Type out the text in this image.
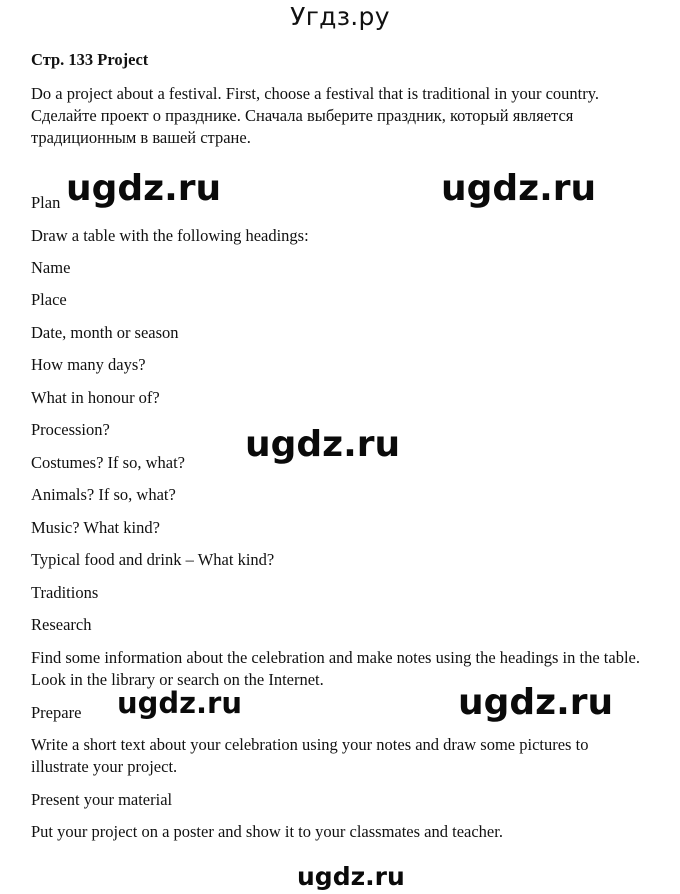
Угдз.ру
Стр. 133 Project

Do a project about a festival. First, choose a festival that is traditional in your country. Сделайте проект о празднике. Сначала выберите праздник, который является традиционным в вашей стране.

Plan
Draw a table with the following headings:
Name
Place
Date, month or season
How many days?
What in honour of?
Procession?
Costumes? If so, what?
Animals? If so, what?
Music? What kind?
Typical food and drink – What kind?
Traditions
Research
Find some information about the celebration and make notes using the headings in the table. Look in the library or search on the Internet.
Prepare
Write a short text about your celebration using your notes and draw some pictures to illustrate your project.
Present your material
Put your project on a poster and show it to your classmates and teacher.
ugdz.ru	ugdz.ru
ugdz.ru
ugdz.ru	ugdz.ru
ugdz.ru
